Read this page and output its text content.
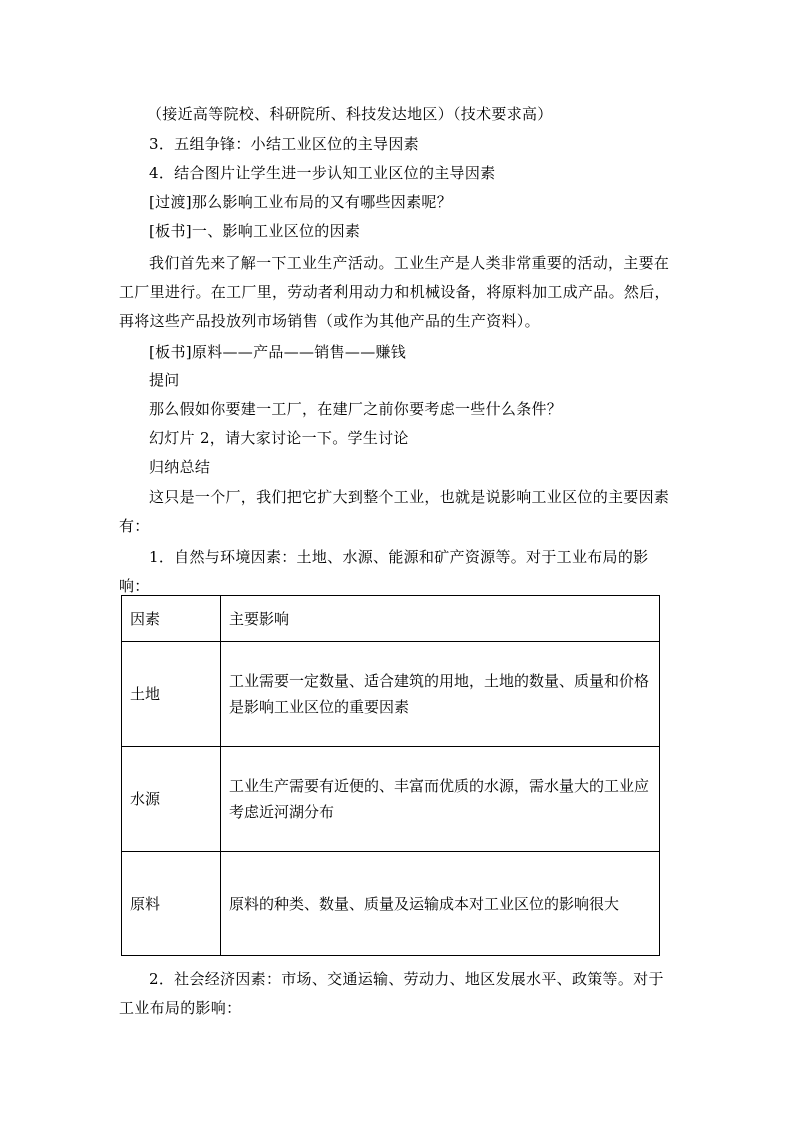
（接近高等院校、科研院所、科技发达地区）（技术要求高）
3．五组争锋：小结工业区位的主导因素
4．结合图片让学生进一步认知工业区位的主导因素
[过渡]那么影响工业布局的又有哪些因素呢？
[板书]一、影响工业区位的因素
我们首先来了解一下工业生产活动。工业生产是人类非常重要的活动，主要在工厂里进行。在工厂里，劳动者利用动力和机械设备，将原料加工成产品。然后，再将这些产品投放列市场销售（或作为其他产品的生产资料）。
[板书]原料——产品——销售——赚钱
提问
那么假如你要建一工厂，在建厂之前你要考虑一些什么条件？
幻灯片 2，请大家讨论一下。学生讨论
归纳总结
这只是一个厂，我们把它扩大到整个工业，也就是说影响工业区位的主要因素有：
1．自然与环境因素：土地、水源、能源和矿产资源等。对于工业布局的影响：
因素	主要影响
土地	工业需要一定数量、适合建筑的用地，土地的数量、质量和价格是影响工业区位的重要因素
水源	工业生产需要有近便的、丰富而优质的水源，需水量大的工业应考虑近河湖分布
原料	原料的种类、数量、质量及运输成本对工业区位的影响很大
2．社会经济因素：市场、交通运输、劳动力、地区发展水平、政策等。对于工业布局的影响：
